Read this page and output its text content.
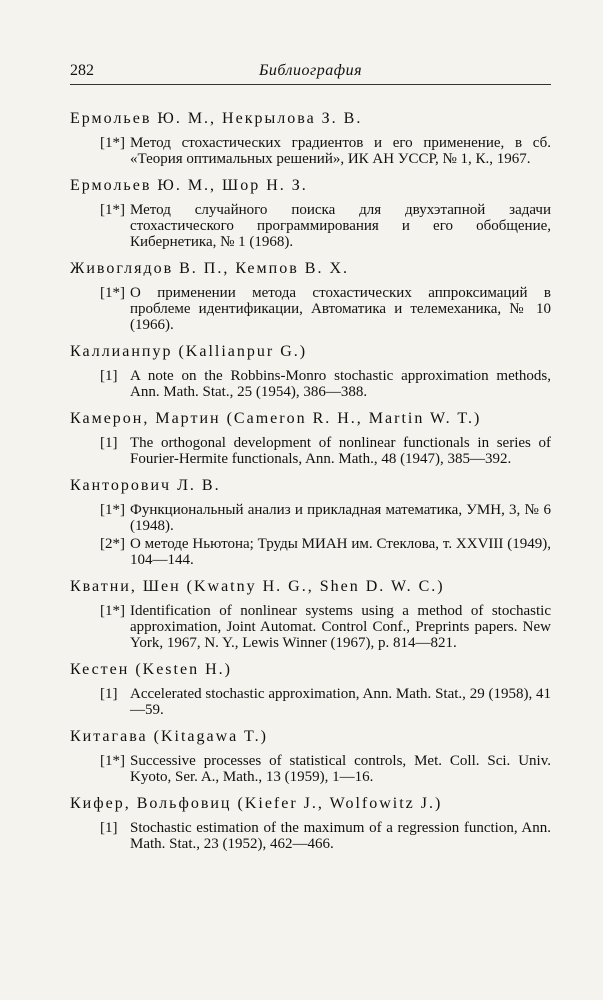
282	Библиография
Ермольев Ю. М., Некрылова З. В.
[1*] Метод стохастических градиентов и его применение, в сб. «Теория оптимальных решений», ИК АН УССР, № 1, К., 1967.
Ермольев Ю. М., Шор Н. З.
[1*] Метод случайного поиска для двухэтапной задачи стохастического программирования и его обобщение, Кибернетика, № 1 (1968).
Живоглядов В. П., Кемпов В. Х.
[1*] О применении метода стохастических аппроксимаций в проблеме идентификации, Автоматика и телемеханика, № 10 (1966).
Каллианпур (Kallianpur G.)
[1] A note on the Robbins-Monro stochastic approximation methods, Ann. Math. Stat., 25 (1954), 386—388.
Камерон, Мартин (Cameron R. H., Martin W. T.)
[1] The orthogonal development of nonlinear functionals in series of Fourier-Hermite functionals, Ann. Math., 48 (1947), 385—392.
Канторович Л. В.
[1*] Функциональный анализ и прикладная математика, УМН, 3, № 6 (1948).
[2*] О методе Ньютона; Труды МИАН им. Стеклова, т. XXVIII (1949), 104—144.
Кватни, Шен (Kwatny H. G., Shen D. W. C.)
[1*] Identification of nonlinear systems using a method of stochastic approximation, Joint Automat. Control Conf., Preprints papers. New York, 1967, N. Y., Lewis Winner (1967), p. 814—821.
Кестен (Kesten H.)
[1] Accelerated stochastic approximation, Ann. Math. Stat., 29 (1958), 41—59.
Китагава (Kitagawa T.)
[1*] Successive processes of statistical controls, Met. Coll. Sci. Univ. Kyoto, Ser. A., Math., 13 (1959), 1—16.
Кифер, Вольфовиц (Kiefer J., Wolfowitz J.)
[1] Stochastic estimation of the maximum of a regression function, Ann. Math. Stat., 23 (1952), 462—466.
